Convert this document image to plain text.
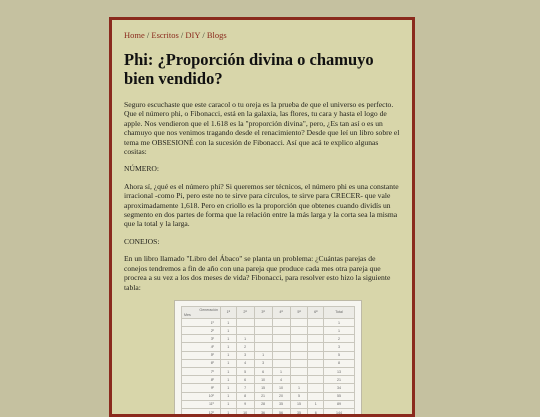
Home / Escritos / DIY / Blogs
Phi: ¿Proporción divina o chamuyo bien vendido?

Seguro escuchaste que este caracol o tu oreja es la prueba de que el universo es perfecto. Que el número phi, o Fibonacci, está en la galaxia, las flores, tu cara y hasta el logo de apple. Nos vendieron que el 1.618 es la "proporción divina", pero, ¿Es tan así o es un chamuyo que nos venimos tragando desde el renacimiento? Desde que leí un libro sobre el tema me OBSESIONÉ con la sucesión de Fibonacci. Así que acá te explico algunas cositas:

NÚMERO:

Ahora sí, ¿qué es el número phi? Si queremos ser técnicos, el número phi es una constante irracional -como Pi, pero este no te sirve para círculos, te sirve para CRECER- que vale aproximadamente 1,618. Pero en criollo es la proporción que obtenes cuando dividís un segmento en dos partes de forma que la relación entre la más larga y la corta sea la misma que la total y la larga.

CONEJOS:

En un libro llamado "Libro del Ábaco" se planta un problema: ¿Cuántas parejas de conejos tendremos a fin de año con una pareja que produce cada mes otra pareja que procrea a su vez a los dos meses de vida? Fibonacci, para resolver esto hizo la siguiente tabla:

Generación
Mes	1ª	2ª	3ª	4ª	5ª	6ª	Total
1º	1						1
2º	1						1
3º	1	1					2
4º	1	2					3
5º	1	3	1				5
6º	1	4	3				8
7º	1	5	6	1			13
8º	1	6	10	4			21
9º	1	7	15	10	1		34
10º	1	8	21	20	5		55
11º	1	9	28	35	15	1	89
12º	1	10	36	56	35	6	144
